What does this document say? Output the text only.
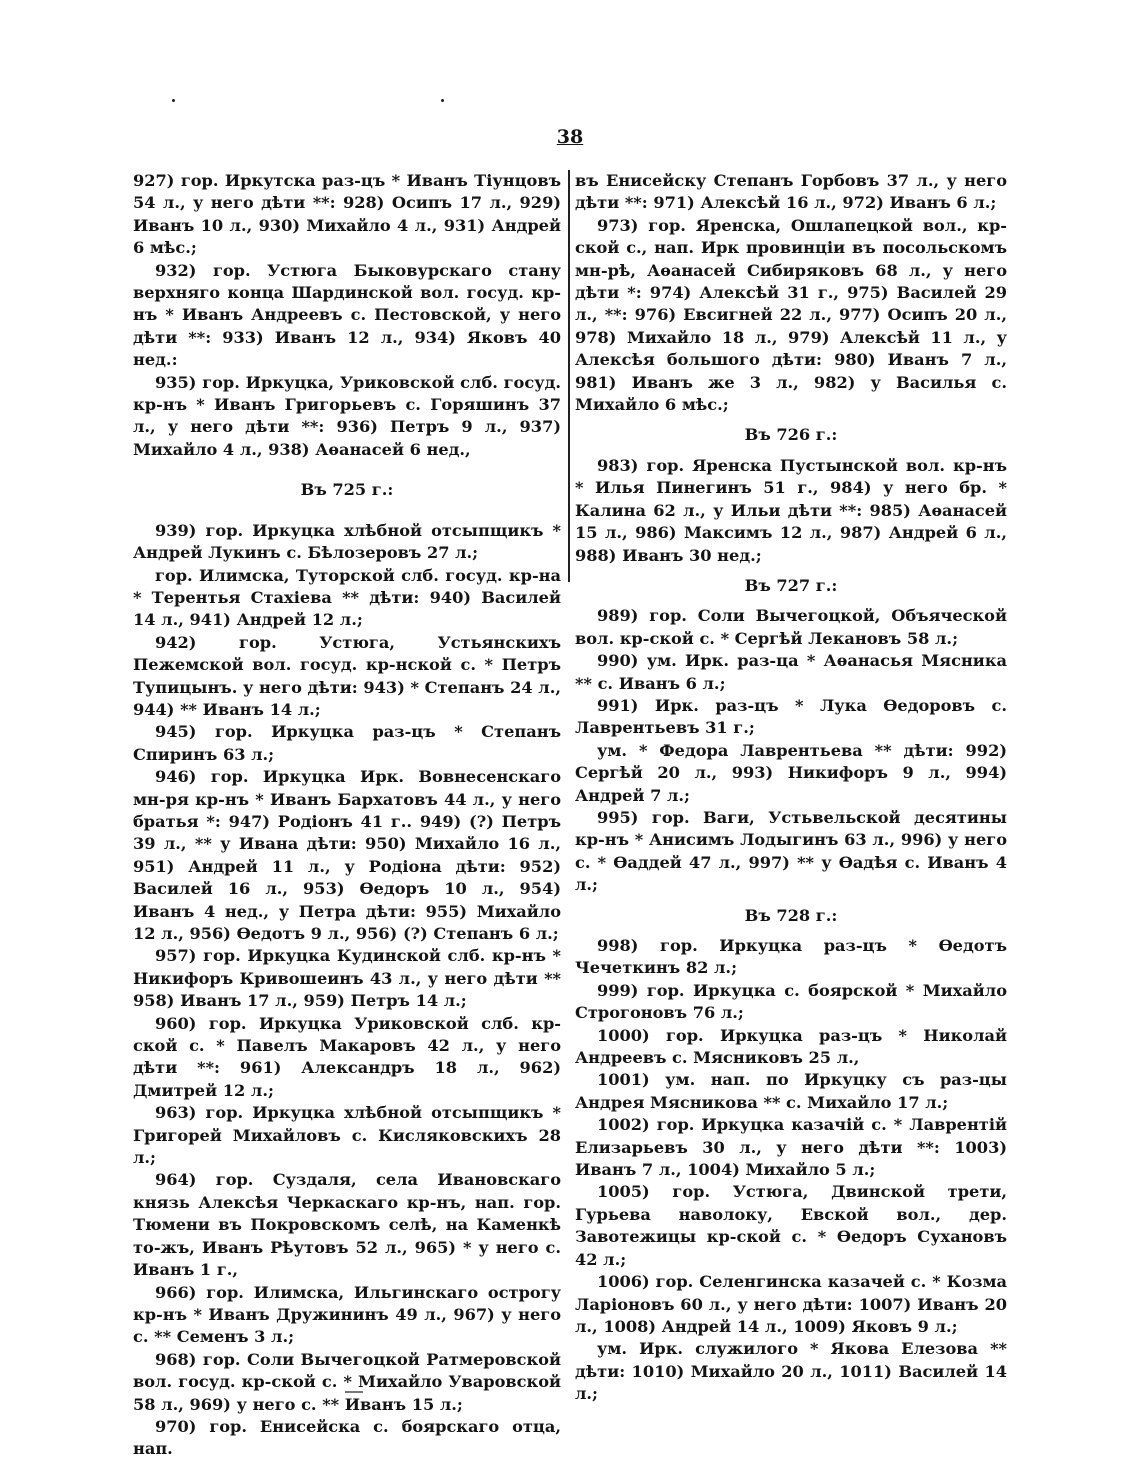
38

927) гор. Иркутска раз-цъ * Иванъ Тіунцовъ 54 л., у него дѣти **: 928) Осипъ 17 л., 929) Иванъ 10 л., 930) Михайло 4 л., 931) Андрей 6 мѣс.;

932) гор. Устюга Быковурскаго стану верхняго конца Шардинской вол. госуд. кр-нъ * Иванъ Андреевъ с. Пестовской, у него дѣти **: 933) Иванъ 12 л., 934) Яковъ 40 нед.:

935) гор. Иркуцка, Уриковской слб. госуд. кр-нъ * Иванъ Григорьевъ с. Горяшинъ 37 л., у него дѣти **: 936) Петръ 9 л., 937) Михайло 4 л., 938) Аѳанасей 6 нед.,

Въ 725 г.:

939) гор. Иркуцка хлѣбной отсыпщикъ * Андрей Лукинъ с. Бѣлозеровъ 27 л.;

гор. Илимска, Туторской слб. госуд. кр-на * Терентья Стахіева ** дѣти: 940) Василей 14 л., 941) Андрей 12 л.;

942) гор. Устюга, Устьянскихъ Пежемской вол. госуд. кр-нской с. * Петръ Тупицынъ. у него дѣти: 943) * Степанъ 24 л., 944) ** Иванъ 14 л.;

945) гор. Иркуцка раз-цъ * Степанъ Спиринъ 63 л.;

946) гор. Иркуцка Ирк. Вовнесенскаго мн-ря кр-нъ * Иванъ Бархатовъ 44 л., у него братья *: 947) Родіонъ 41 г.. 949) (?) Петръ 39 л., ** у Ивана дѣти: 950) Михайло 16 л., 951) Андрей 11 л., у Родіона дѣти: 952) Василей 16 л., 953) Ѳедоръ 10 л., 954) Иванъ 4 нед., у Петра дѣти: 955) Михайло 12 л., 956) Ѳедотъ 9 л., 956) (?) Степанъ 6 л.;

957) гор. Иркуцка Кудинской слб. кр-нъ * Никифоръ Кривошеинъ 43 л., у него дѣти ** 958) Иванъ 17 л., 959) Петръ 14 л.;

960) гор. Иркуцка Уриковской слб. кр-ской с. * Павелъ Макаровъ 42 л., у него дѣти **: 961) Александръ 18 л., 962) Дмитрей 12 л.;

963) гор. Иркуцка хлѣбной отсыпщикъ * Григорей Михайловъ с. Кисляковскихъ 28 л.;

964) гор. Суздаля, села Ивановскаго князь Алексѣя Черкаскаго кр-нъ, нап. гор. Тюмени въ Покровскомъ селѣ, на Каменкѣ то-жъ, Иванъ Рѣутовъ 52 л., 965) * у него с. Иванъ 1 г.,

966) гор. Илимска, Ильгинскаго острогу кр-нъ * Иванъ Дружининъ 49 л., 967) у него с. ** Семенъ 3 л.;

968) гор. Соли Вычегоцкой Ратмеровской вол. госуд. кр-ской с. * Михайло Уваровской 58 л., 969) у него с. ** Иванъ 15 л.;

970) гор. Енисейска с. боярскаго отца, нап.

въ Енисейску Степанъ Горбовъ 37 л., у него дѣти **: 971) Алексѣй 16 л., 972) Иванъ 6 л.;

973) гор. Яренска, Ошлапецкой вол., кр-ской с., нап. Ирк провинціи въ посольскомъ мн-рѣ, Аѳанасей Сибиряковъ 68 л., у него дѣти *: 974) Алексѣй 31 г., 975) Василей 29 л., **: 976) Евсигней 22 л., 977) Осипъ 20 л., 978) Михайло 18 л., 979) Алексѣй 11 л., у Алексѣя большого дѣти: 980) Иванъ 7 л., 981) Иванъ же 3 л., 982) у Василья с. Михайло 6 мѣс.;

Въ 726 г.:

983) гор. Яренска Пустынской вол. кр-нъ * Илья Пинегинъ 51 г., 984) у него бр. * Калина 62 л., у Ильи дѣти **: 985) Аѳанасей 15 л., 986) Максимъ 12 л., 987) Андрей 6 л., 988) Иванъ 30 нед.;

Въ 727 г.:

989) гор. Соли Вычегоцкой, Объяческой вол. кр-ской с. * Сергѣй Лекановъ 58 л.;

990) ум. Ирк. раз-ца * Аѳанасья Мясника ** с. Иванъ 6 л.;

991) Ирк. раз-цъ * Лука Ѳедоровъ с. Лаврентьевъ 31 г.;

ум. * Федора Лаврентьева ** дѣти: 992) Сергѣй 20 л., 993) Никифоръ 9 л., 994) Андрей 7 л.;

995) гор. Ваги, Устьвельской десятины кр-нъ * Анисимъ Лодыгинъ 63 л., 996) у него с. * Ѳаддей 47 л., 997) ** у Ѳадѣя с. Иванъ 4 л.;

Въ 728 г.:

998) гор. Иркуцка раз-цъ * Ѳедотъ Чечеткинъ 82 л.;

999) гор. Иркуцка с. боярской * Михайло Строгоновъ 76 л.;

1000) гор. Иркуцка раз-цъ * Николай Андреевъ с. Мясниковъ 25 л.,

1001) ум. нап. по Иркуцку съ раз-цы Андрея Мясникова ** с. Михайло 17 л.;

1002) гор. Иркуцка казачій с. * Лаврентій Елизарьевъ 30 л., у него дѣти **: 1003) Иванъ 7 л., 1004) Михайло 5 л.;

1005) гор. Устюга, Двинской трети, Гурьева наволоку, Евской вол., дер. Завотежицы кр-ской с. * Ѳедоръ Сухановъ 42 л.;

1006) гор. Селенгинска казачей с. * Козма Ларіоновъ 60 л., у него дѣти: 1007) Иванъ 20 л., 1008) Андрей 14 л., 1009) Яковъ 9 л.;

ум. Ирк. служилого * Якова Елезова ** дѣти: 1010) Михайло 20 л., 1011) Василей 14 л.;
